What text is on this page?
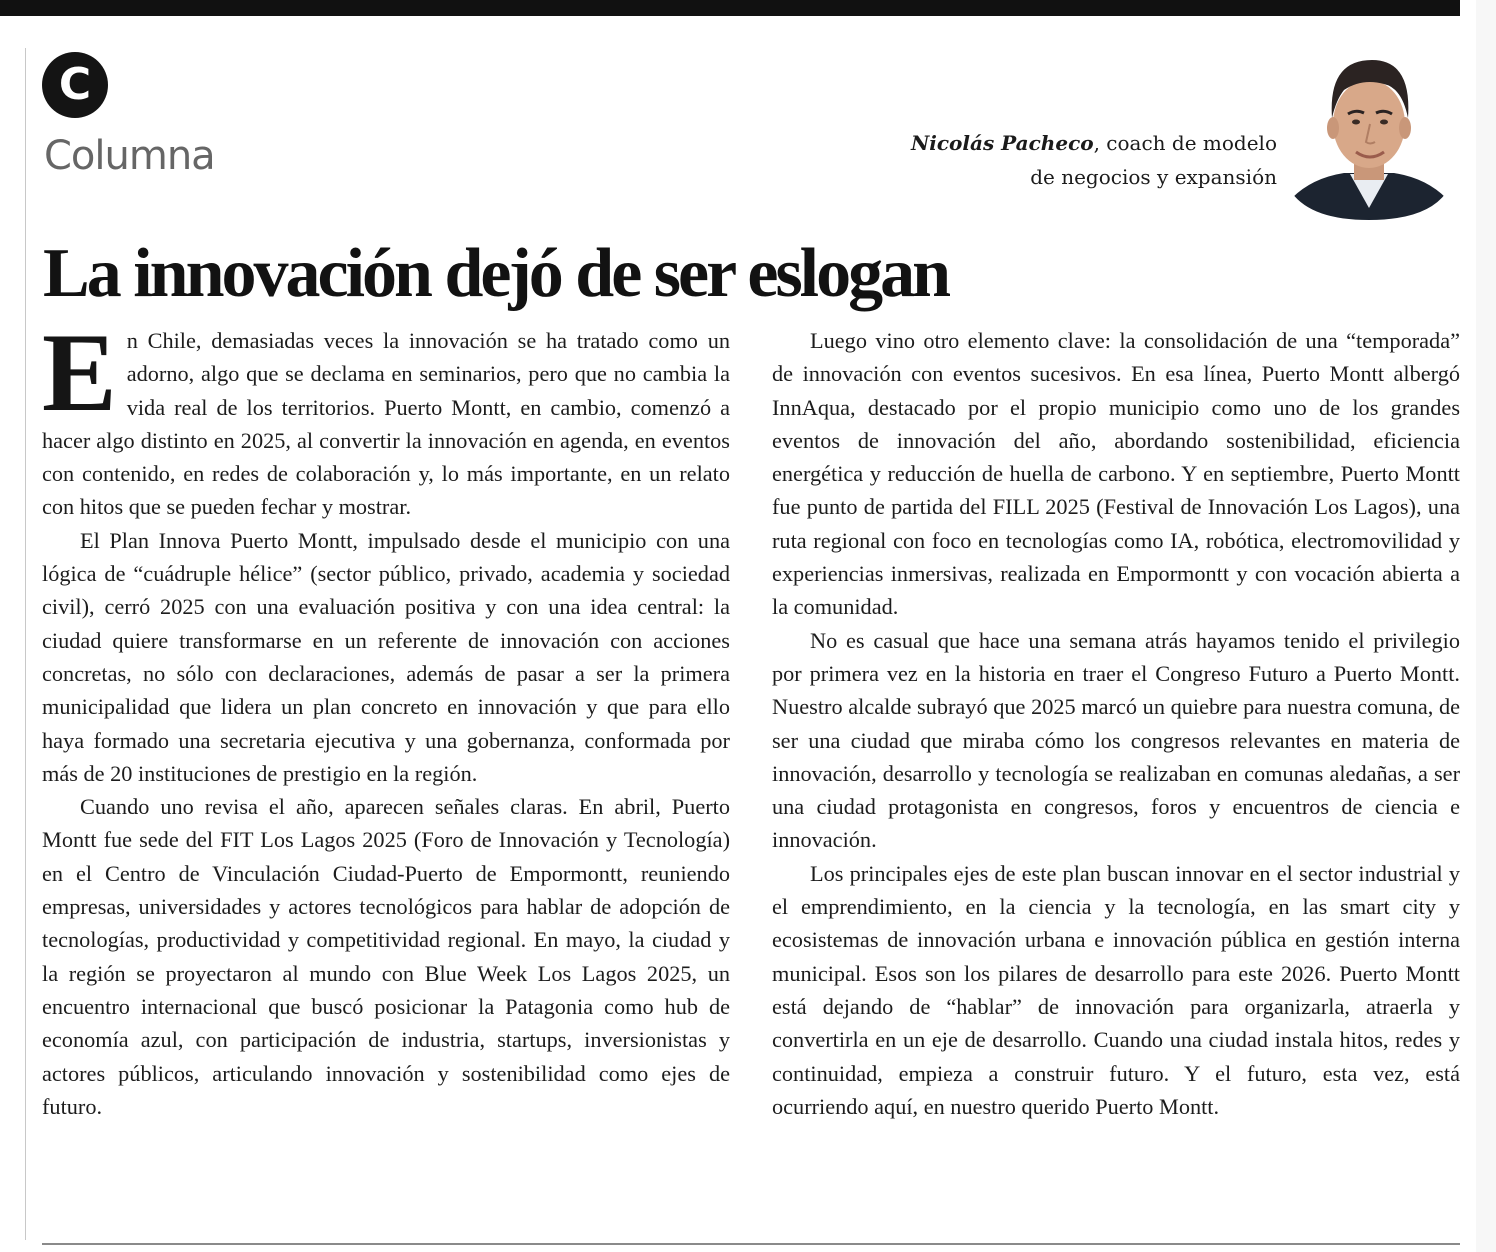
C
Columna	Nicolás Pacheco, coach de modelo
de negocios y expansión
La innovación dejó de ser eslogan

En Chile, demasiadas veces la innovación se ha tratado como un adorno, algo que se declama en seminarios, pero que no cambia la vida real de los territorios. Puerto Montt, en cambio, comenzó a hacer algo distinto en 2025, al convertir la innovación en agenda, en eventos con contenido, en redes de colaboración y, lo más importante, en un relato con hitos que se pueden fechar y mostrar.

El Plan Innova Puerto Montt, impulsado desde el municipio con una lógica de “cuádruple hélice” (sector público, privado, academia y sociedad civil), cerró 2025 con una evaluación positiva y con una idea central: la ciudad quiere transformarse en un referente de innovación con acciones concretas, no sólo con declaraciones, además de pasar a ser la primera municipalidad que lidera un plan concreto en innovación y que para ello haya formado una secretaria ejecutiva y una gobernanza, conformada por más de 20 instituciones de prestigio en la región.

Cuando uno revisa el año, aparecen señales claras. En abril, Puerto Montt fue sede del FIT Los Lagos 2025 (Foro de Innovación y Tecnología) en el Centro de Vinculación Ciudad-Puerto de Empormontt, reuniendo empresas, universidades y actores tecnológicos para hablar de adopción de tecnologías, productividad y competitividad regional. En mayo, la ciudad y la región se proyectaron al mundo con Blue Week Los Lagos 2025, un encuentro internacional que buscó posicionar la Patagonia como hub de economía azul, con participación de industria, startups, inversionistas y actores públicos, articulando innovación y sostenibilidad como ejes de futuro.

Luego vino otro elemento clave: la consolidación de una “temporada” de innovación con eventos sucesivos. En esa línea, Puerto Montt albergó InnAqua, destacado por el propio municipio como uno de los grandes eventos de innovación del año, abordando sostenibilidad, eficiencia energética y reducción de huella de carbono. Y en septiembre, Puerto Montt fue punto de partida del FILL 2025 (Festival de Innovación Los Lagos), una ruta regional con foco en tecnologías como IA, robótica, electromovilidad y experiencias inmersivas, realizada en Empormontt y con vocación abierta a la comunidad.

No es casual que hace una semana atrás hayamos tenido el privilegio por primera vez en la historia en traer el Congreso Futuro a Puerto Montt. Nuestro alcalde subrayó que 2025 marcó un quiebre para nuestra comuna, de ser una ciudad que miraba cómo los congresos relevantes en materia de innovación, desarrollo y tecnología se realizaban en comunas aledañas, a ser una ciudad protagonista en congresos, foros y encuentros de ciencia e innovación.

Los principales ejes de este plan buscan innovar en el sector industrial y el emprendimiento, en la ciencia y la tecnología, en las smart city y ecosistemas de innovación urbana e innovación pública en gestión interna municipal. Esos son los pilares de desarrollo para este 2026. Puerto Montt está dejando de “hablar” de innovación para organizarla, atraerla y convertirla en un eje de desarrollo. Cuando una ciudad instala hitos, redes y continuidad, empieza a construir futuro. Y el futuro, esta vez, está ocurriendo aquí, en nuestro querido Puerto Montt.
